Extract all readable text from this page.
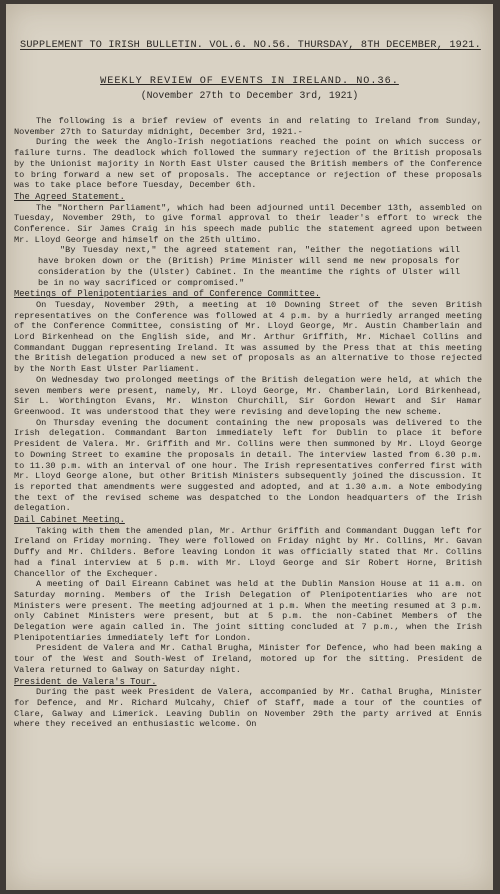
SUPPLEMENT TO IRISH BULLETIN. VOL.6. NO.56. THURSDAY, 8TH DECEMBER, 1921.
WEEKLY REVIEW OF EVENTS IN IRELAND. NO.36.
(November 27th to December 3rd, 1921)

The following is a brief review of events in and relating to Ireland from Sunday, November 27th to Saturday midnight, December 3rd, 1921.-

During the week the Anglo-Irish negotiations reached the point on which success or failure turns. The deadlock which followed the summary rejection of the British proposals by the Unionist majority in North East Ulster caused the British members of the Conference to bring forward a new set of proposals. The acceptance or rejection of these proposals was to take place before Tuesday, December 6th.

The Agreed Statement.

The "Northern Parliament", which had been adjourned until December 13th, assembled on Tuesday, November 29th, to give formal approval to their leader's effort to wreck the Conference. Sir James Craig in his speech made public the statement agreed upon between Mr. Lloyd George and himself on the 25th ultimo.

"By Tuesday next," the agreed statement ran, "either the negotiations will have broken down or the (British) Prime Minister will send me new proposals for consideration by the (Ulster) Cabinet. In the meantime the rights of Ulster will be in no way sacrificed or compromised."

Meetings of Plenipotentiaries and of Conference Committee.

On Tuesday, November 29th, a meeting at 10 Downing Street of the seven British representatives on the Conference was followed at 4 p.m. by a hurriedly arranged meeting of the Conference Committee, consisting of Mr. Lloyd George, Mr. Austin Chamberlain and Lord Birkenhead on the English side, and Mr. Arthur Griffith, Mr. Michael Collins and Commandant Duggan representing Ireland. It was assumed by the Press that at this meeting the British delegation produced a new set of proposals as an alternative to those rejected by the North East Ulster Parliament.

On Wednesday two prolonged meetings of the British delegation were held, at which the seven members were present, namely, Mr. Lloyd George, Mr. Chamberlain, Lord Birkenhead, Sir L. Worthington Evans, Mr. Winston Churchill, Sir Gordon Hewart and Sir Hamar Greenwood. It was understood that they were revising and developing the new scheme.

On Thursday evening the document containing the new proposals was delivered to the Irish delegation. Commandant Barton immediately left for Dublin to place it before President de Valera. Mr. Griffith and Mr. Collins were then summoned by Mr. Lloyd George to Downing Street to examine the proposals in detail. The interview lasted from 6.30 p.m. to 11.30 p.m. with an interval of one hour. The Irish representatives conferred first with Mr. Lloyd George alone, but other British Ministers subsequently joined the discussion. It is reported that amendments were suggested and adopted, and at 1.30 a.m. a Note embodying the text of the revised scheme was despatched to the London headquarters of the Irish delegation.

Dail Cabinet Meeting.

Taking with them the amended plan, Mr. Arthur Griffith and Commandant Duggan left for Ireland on Friday morning. They were followed on Friday night by Mr. Collins, Mr. Gavan Duffy and Mr. Childers. Before leaving London it was officially stated that Mr. Collins had a final interview at 5 p.m. with Mr. Lloyd George and Sir Robert Horne, British Chancellor of the Exchequer.

A meeting of Dail Eireann Cabinet was held at the Dublin Mansion House at 11 a.m. on Saturday morning. Members of the Irish Delegation of Plenipotentiaries who are not Ministers were present. The meeting adjourned at 1 p.m. When the meeting resumed at 3 p.m. only Cabinet Ministers were present, but at 5 p.m. the non-Cabinet Members of the Delegation were again called in. The joint sitting concluded at 7 p.m., when the Irish Plenipotentiaries immediately left for London.

President de Valera and Mr. Cathal Brugha, Minister for Defence, who had been making a tour of the West and South-West of Ireland, motored up for the sitting. President de Valera returned to Galway on Saturday night.

President de Valera's Tour.

During the past week President de Valera, accompanied by Mr. Cathal Brugha, Minister for Defence, and Mr. Richard Mulcahy, Chief of Staff, made a tour of the counties of Clare, Galway and Limerick. Leaving Dublin on November 29th the party arrived at Ennis where they received an enthusiastic welcome. On
